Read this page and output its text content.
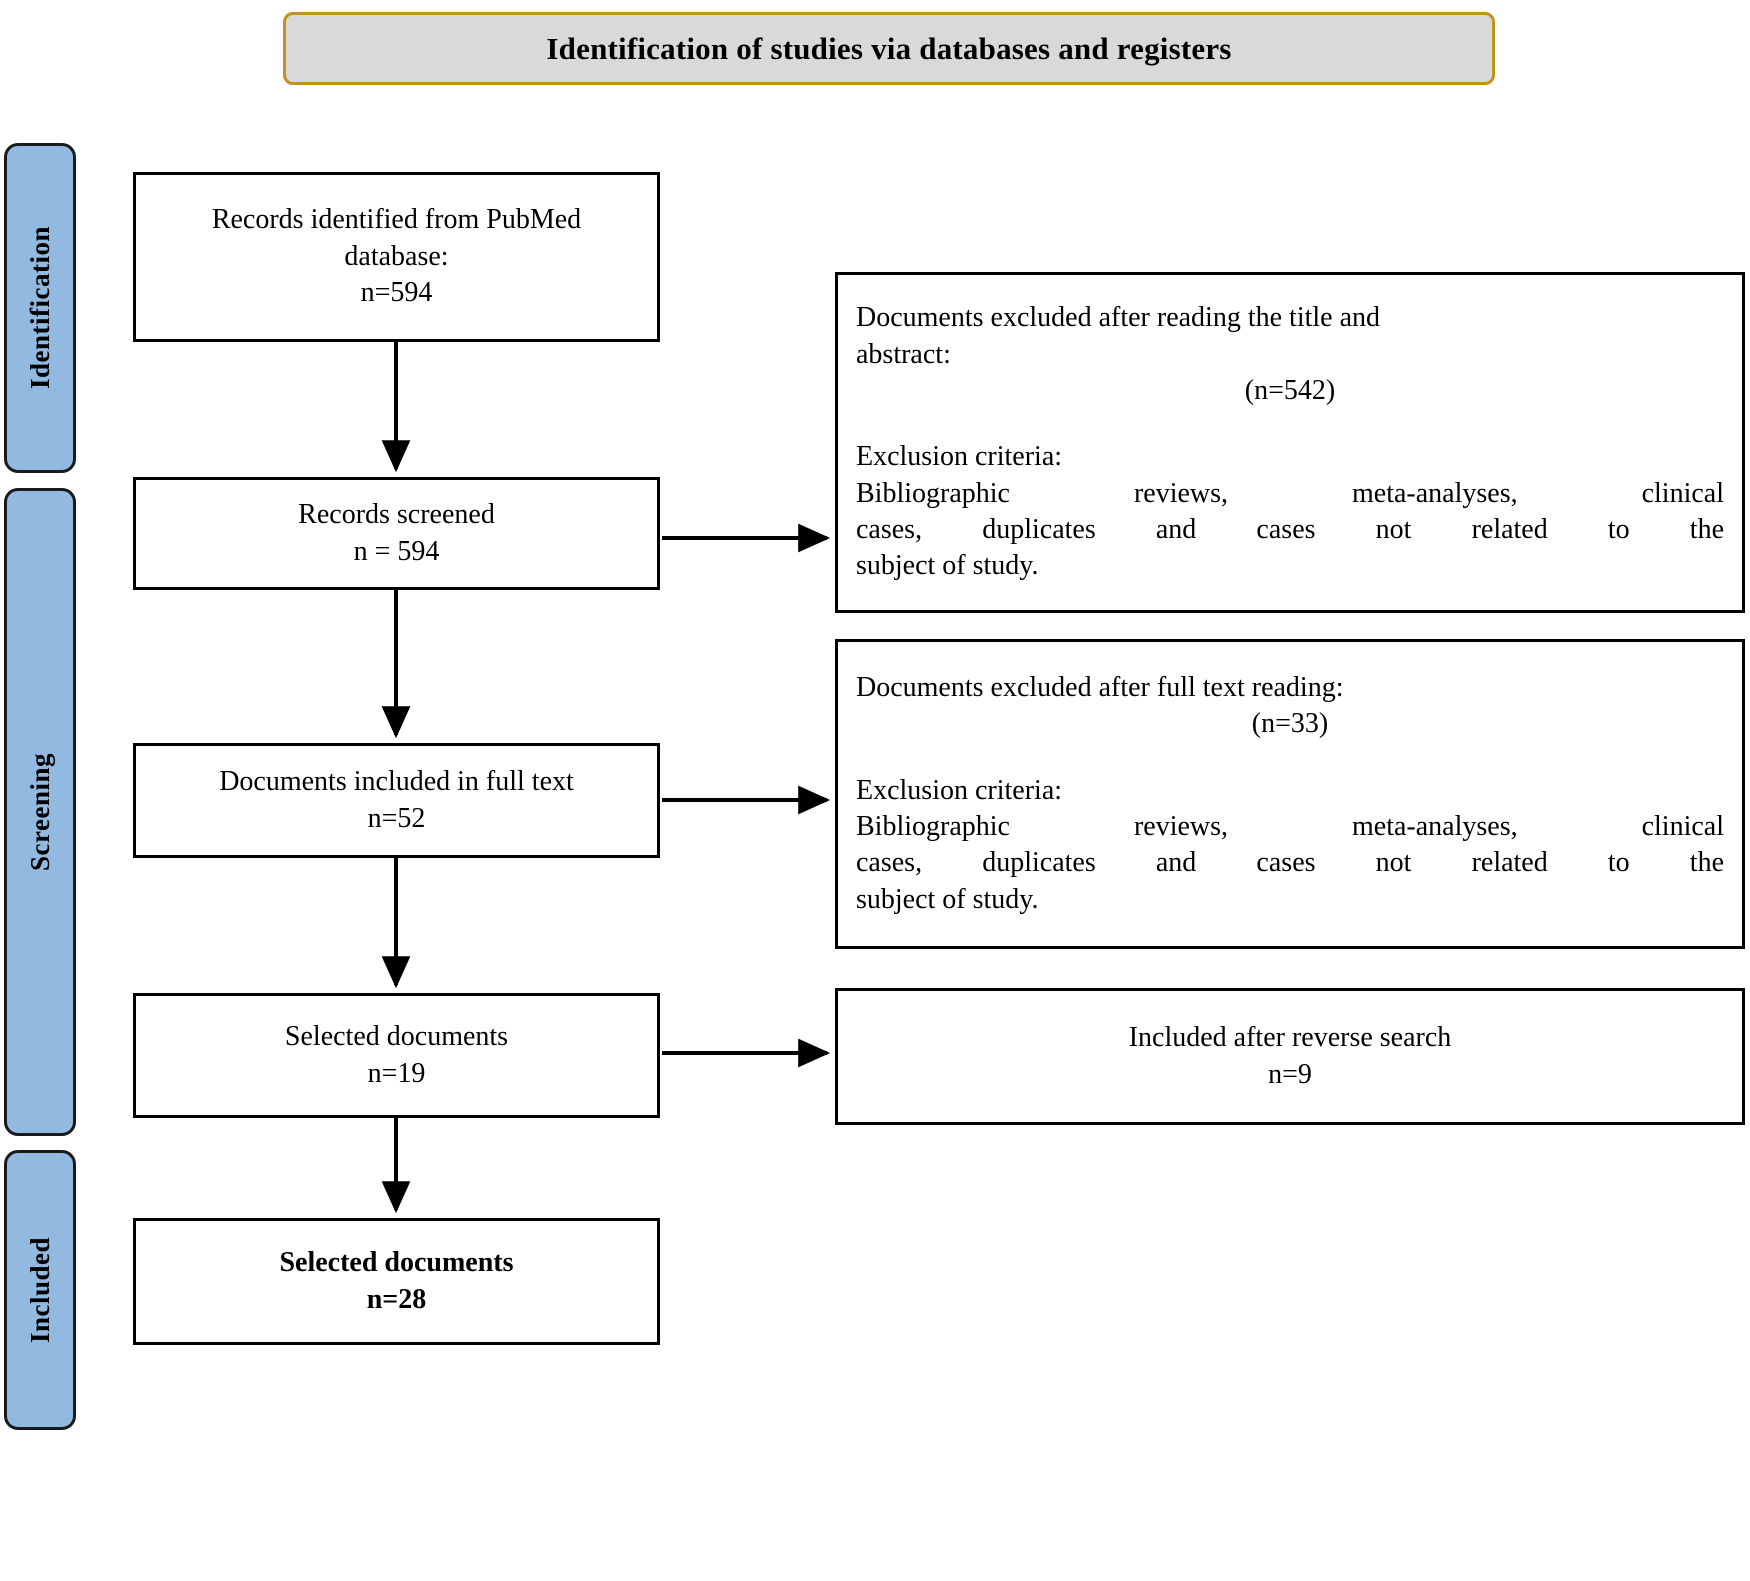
Identification of studies via databases and registers
Identification
Screening
Included
Records identified from PubMed
database:
n=594
Records screened
n = 594
Documents included in full text
n=52
Selected documents
n=19
Selected documents
n=28
Documents excluded after reading the title and
abstract:
(n=542)
Exclusion criteria:
Bibliographic reviews, meta-analyses, clinical
cases, duplicates and cases not related to the
subject of study.
Documents excluded after full text reading:
(n=33)
Exclusion criteria:
Bibliographic reviews, meta-analyses, clinical
cases, duplicates and cases not related to the
subject of study.
Included after reverse search
n=9
